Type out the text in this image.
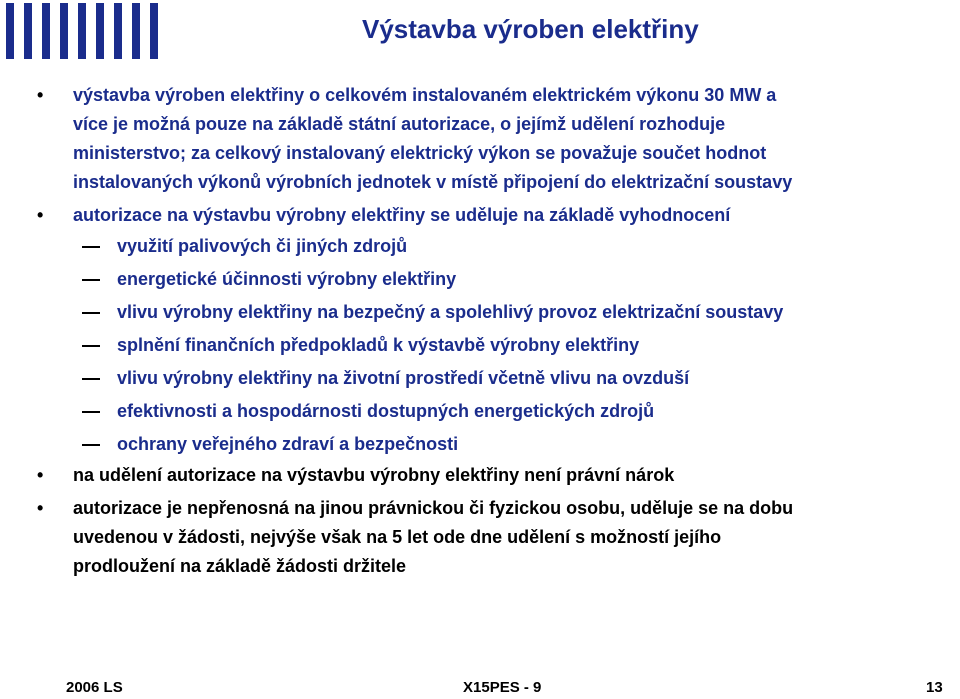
Výstavba výroben elektřiny
• výstavba výroben elektřiny o celkovém instalovaném elektrickém výkonu 30 MW a
více je možná pouze na základě státní autorizace, o jejímž udělení rozhoduje
ministerstvo; za celkový instalovaný elektrický výkon se považuje součet hodnot
instalovaných výkonů výrobních jednotek v místě připojení do elektrizační soustavy
• autorizace na výstavbu výrobny elektřiny se uděluje na základě vyhodnocení
využití palivových či jiných zdrojů
energetické účinnosti výrobny elektřiny
vlivu výrobny elektřiny na bezpečný a spolehlivý provoz elektrizační soustavy
splnění finančních předpokladů k výstavbě výrobny elektřiny
vlivu výrobny elektřiny na životní prostředí včetně vlivu na ovzduší
efektivnosti a hospodárnosti dostupných energetických zdrojů
ochrany veřejného zdraví a bezpečnosti
• na udělení autorizace na výstavbu výrobny elektřiny není právní nárok
• autorizace je nepřenosná na jinou právnickou či fyzickou osobu, uděluje se na dobu
uvedenou v žádosti, nejvýše však na 5 let ode dne udělení s možností jejího
prodloužení na základě žádosti držitele
2006 LS	X15PES - 9	13
